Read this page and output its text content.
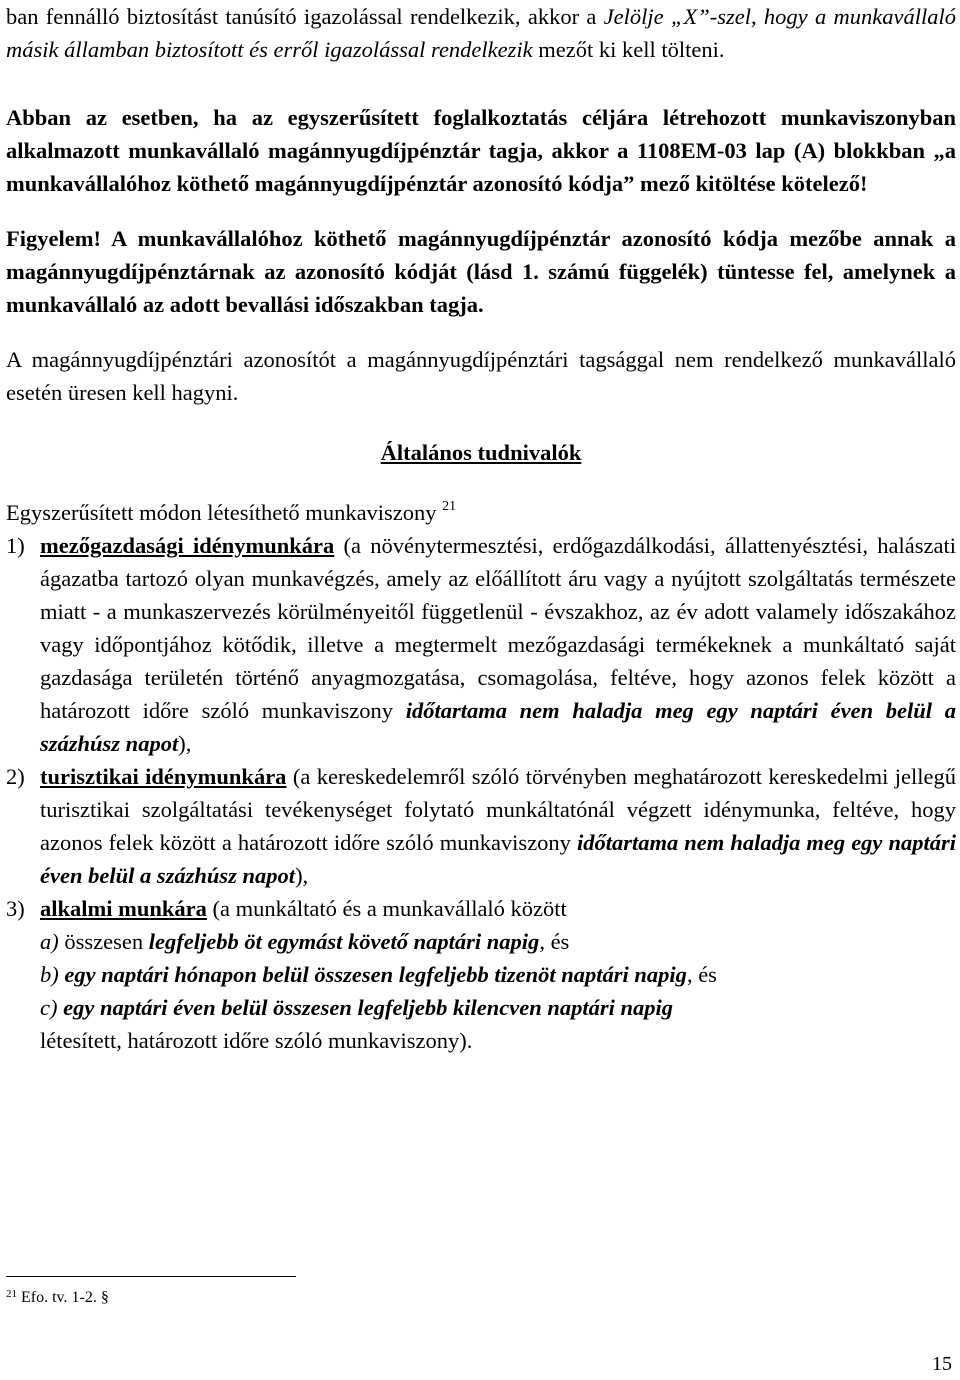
ban fennálló biztosítást tanúsító igazolással rendelkezik, akkor a Jelölje „X”-szel, hogy a munkavállaló másik államban biztosított és erről igazolással rendelkezik mezőt ki kell tölteni.

Abban az esetben, ha az egyszerűsített foglalkoztatás céljára létrehozott munkaviszonyban alkalmazott munkavállaló magánnyugdíjpénztár tagja, akkor a 1108EM-03 lap (A) blokkban „a munkavállalóhoz köthető magánnyugdíjpénztár azonosító kódja” mező kitöltése kötelező!

Figyelem! A munkavállalóhoz köthető magánnyugdíjpénztár azonosító kódja mezőbe annak a magánnyugdíjpénztárnak az azonosító kódját (lásd 1. számú függelék) tüntesse fel, amelynek a munkavállaló az adott bevallási időszakban tagja.

A magánnyugdíjpénztári azonosítót a magánnyugdíjpénztári tagsággal nem rendelkező munkavállaló esetén üresen kell hagyni.

Általános tudnivalók

Egyszerűsített módon létesíthető munkaviszony $^{21}$

1) mezőgazdasági idénymunkára (a növénytermesztési, erdőgazdálkodási, állattenyésztési, halászati ágazatba tartozó olyan munkavégzés, amely az előállított áru vagy a nyújtott szolgáltatás természete miatt - a munkaszervezés körülményeitől függetlenül - évszakhoz, az év adott valamely időszakához vagy időpontjához kötődik, illetve a megtermelt mezőgazdasági termékeknek a munkáltató saját gazdasága területén történő anyagmozgatása, csomagolása, feltéve, hogy azonos felek között a határozott időre szóló munkaviszony időtartama nem haladja meg egy naptári éven belül a százhúsz napot),
2) turisztikai idénymunkára (a kereskedelemről szóló törvényben meghatározott kereskedelmi jellegű turisztikai szolgáltatási tevékenységet folytató munkáltatónál végzett idénymunka, feltéve, hogy azonos felek között a határozott időre szóló munkaviszony időtartama nem haladja meg egy naptári éven belül a százhúsz napot),
3) alkalmi munkára (a munkáltató és a munkavállaló között
a) összesen legfeljebb öt egymást követő naptári napig, és
b) egy naptári hónapon belül összesen legfeljebb tizenöt naptári napig, és
c) egy naptári éven belül összesen legfeljebb kilencven naptári napig
létesített, határozott időre szóló munkaviszony).
$^{21}$ Efo. tv. 1-2. §
15
